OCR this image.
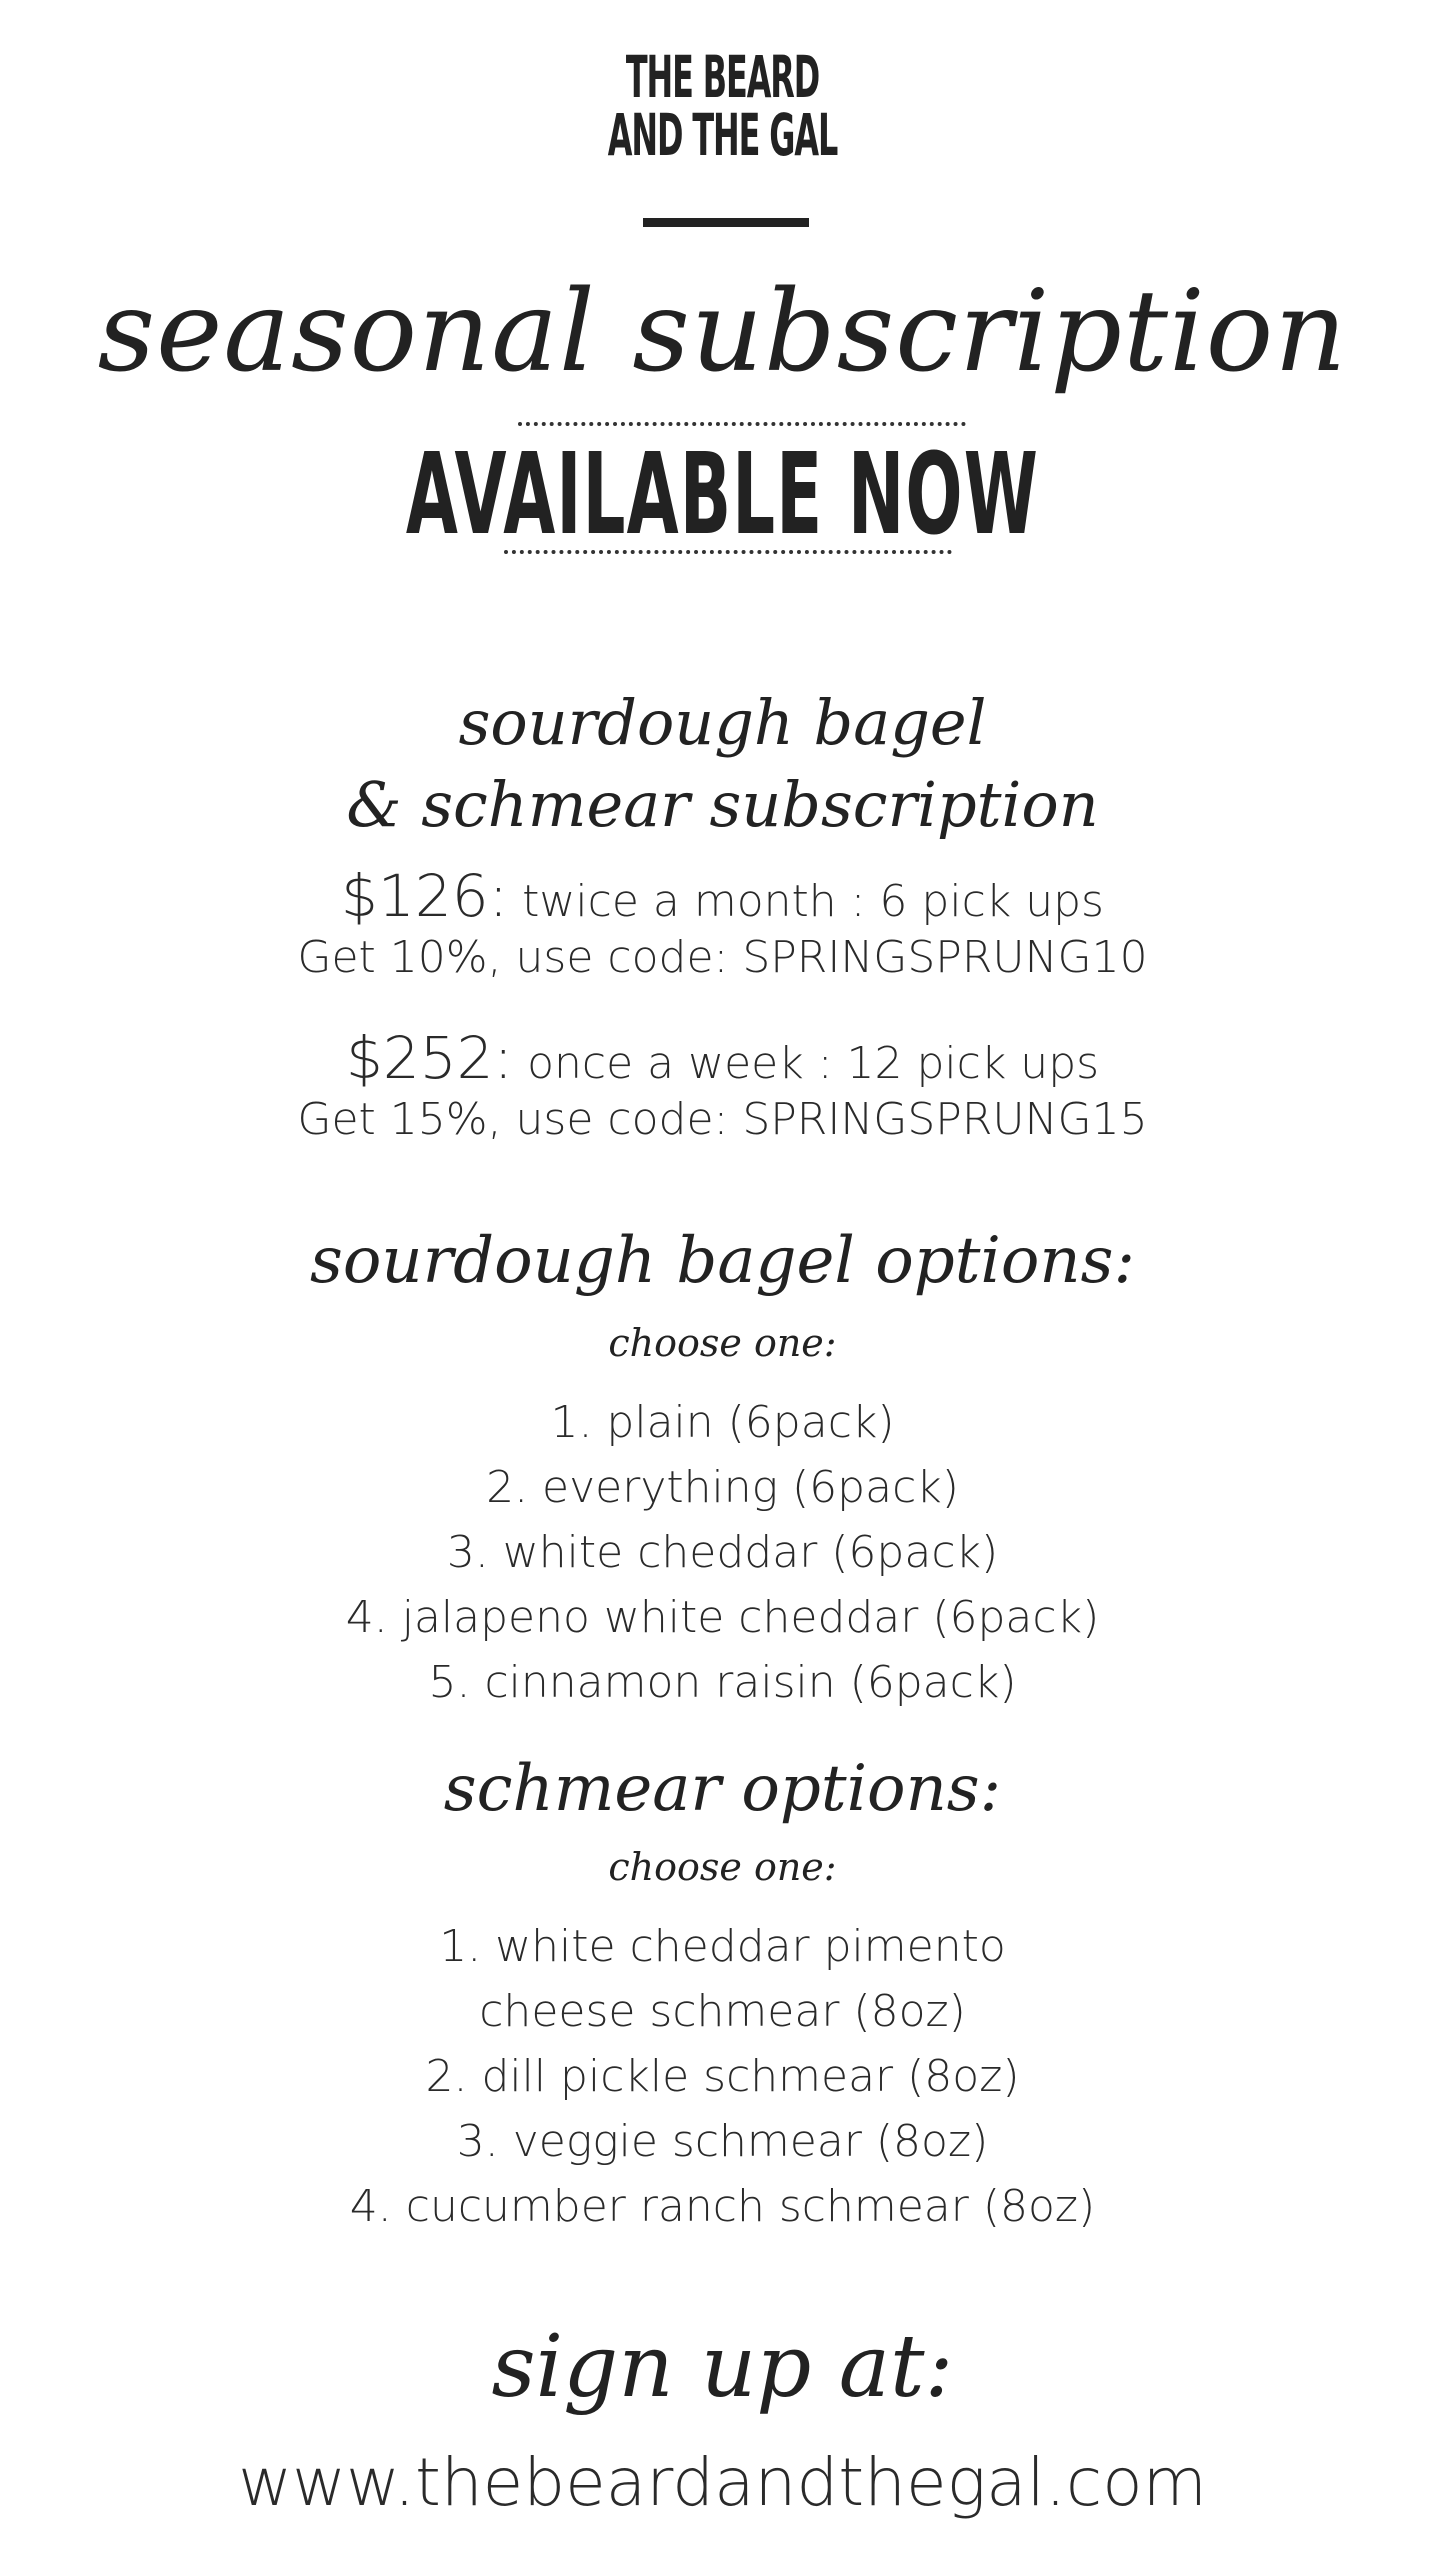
THE BEARD
AND THE GAL
seasonal subscription
AVAILABLE NOW
sourdough bagel
& schmear subscription
$126: twice a month : 6 pick ups
Get 10%, use code: SPRINGSPRUNG10
$252: once a week : 12 pick ups
Get 15%, use code: SPRINGSPRUNG15
sourdough bagel options:
choose one:
1. plain (6pack)
2. everything (6pack)
3. white cheddar (6pack)
4. jalapeno white cheddar (6pack)
5. cinnamon raisin (6pack)
schmear options:
choose one:
1. white cheddar pimento
cheese schmear (8oz)
2. dill pickle schmear (8oz)
3. veggie schmear (8oz)
4. cucumber ranch schmear (8oz)
sign up at:
www.thebeardandthegal.com
